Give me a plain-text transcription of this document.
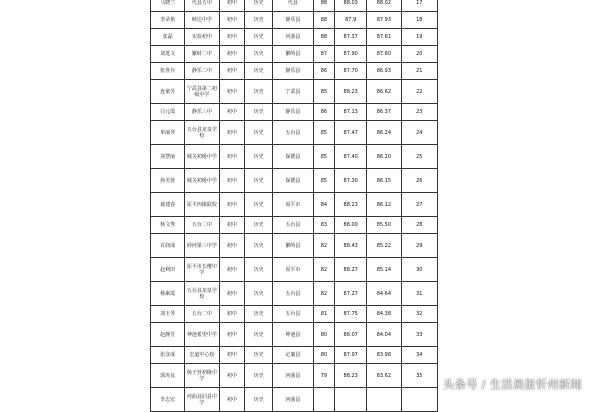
马晓兰	代县五中	初中	历史	代县	88	88.03	88.02	17
李录艳	峡达中学	初中	历史	静乐县	88	87.9	87.93	18
张磊	实验初中	初中	历史	河曲县	88	87.37	87.61	19
刘进文	繁峙二中	初中	历史	繁峙县	87	87.90	87.60	20
张喜存	静乐二中	初中	历史	静乐县	86	87.70	86.93	21
连童芳	宁武县第二初级中学	初中	历史	宁武县	85	88.23	86.62	22
白元霞	静乐三中	初中	历史	静乐县	86	87.13	86.37	23
单丽琴	五台县龙泉学校	初中	历史	五台县	85	87.47	86.24	24
刘慧丽	城关初级中学	初中	历史	保德县	85	87.40	86.20	25
孙芙蓉	城关初级中学	初中	历史	保德县	85	87.30	86.15	26
聂建春	原平西镇联校	初中	历史	原平市	84	88.23	86.12	27
杨文秀	五台二中	初中	历史	五台县	83	88.00	85.50	28
许润成	砂河第三中学	初中	历史	繁峙县	82	88.43	85.22	29
赵利田	原平市长缨中学	初中	历史	原平市	82	88.27	85.14	30
杨素霞	五台县龙泉学校	初中	历史	五台县	82	87.27	84.64	31
刘玉琴	五台二中	初中	历史	五台县	81	87.75	84.38	32
赵静芳	神池希望中学	初中	历史	神池县	80	88.07	84.04	33
张彦成	宏道中心校	初中	历史	定襄县	80	87.97	83.98	34
郭虎良	杨子营初级中学	初中	历史	河曲县	79	88.23	83.62	35
李志宏	河曲县旧县中学	初中	历史	河曲县				
头条号 / 生活晨报忻州新闻
